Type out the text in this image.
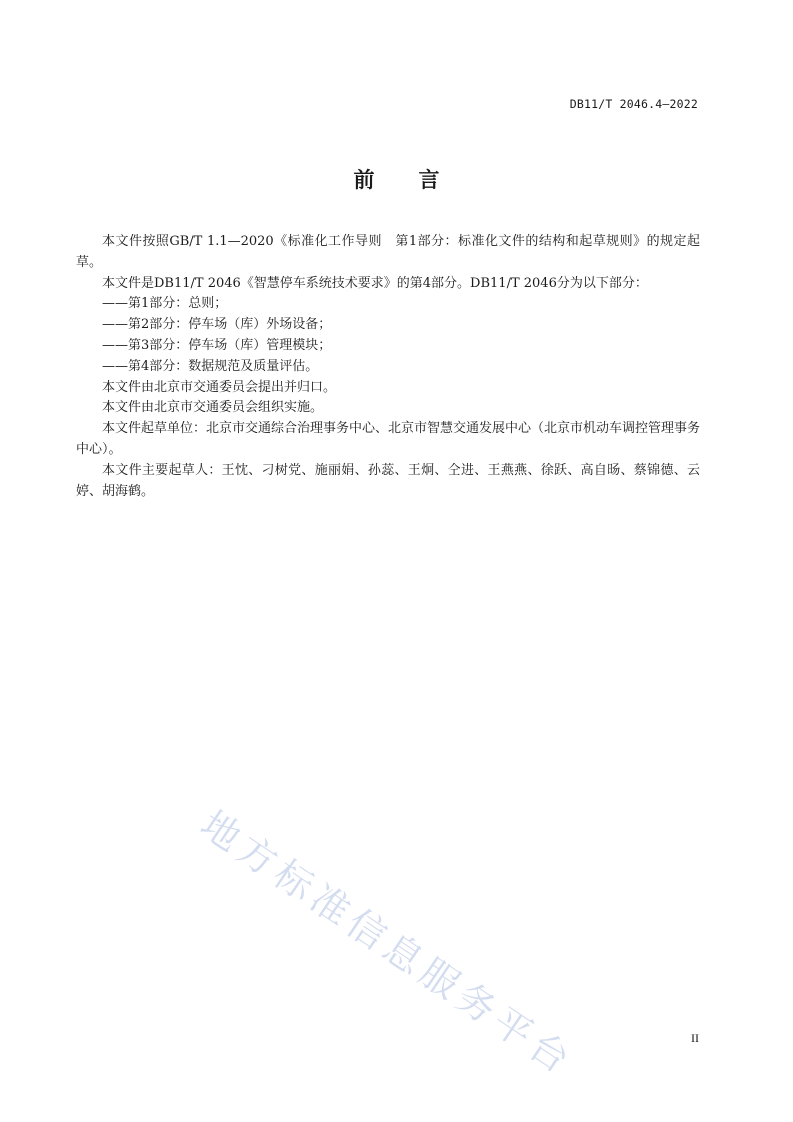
DB11/T 2046.4—2022
前言

本文件按照GB/T 1.1—2020《标准化工作导则　第1部分：标准化文件的结构和起草规则》的规定起草。

本文件是DB11/T 2046《智慧停车系统技术要求》的第4部分。DB11/T 2046分为以下部分：

——第1部分：总则；

——第2部分：停车场（库）外场设备；

——第3部分：停车场（库）管理模块；

——第4部分：数据规范及质量评估。

本文件由北京市交通委员会提出并归口。

本文件由北京市交通委员会组织实施。

本文件起草单位：北京市交通综合治理事务中心、北京市智慧交通发展中心（北京市机动车调控管理事务中心）。

本文件主要起草人：王忱、刁树党、施丽娟、孙蕊、王炯、仝进、王燕燕、徐跃、高自旸、蔡锦德、云婷、胡海鹤。

地方标准信息服务平台	II
